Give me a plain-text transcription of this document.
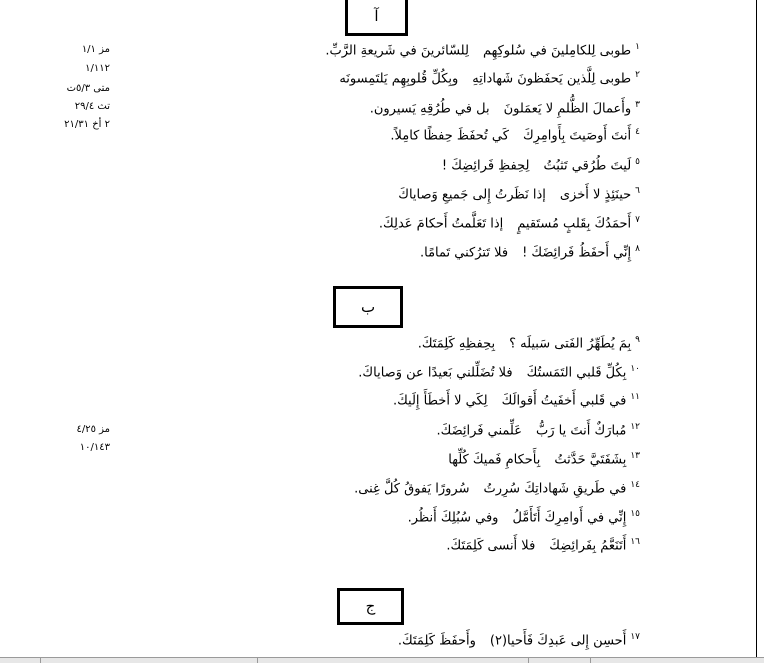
آ
١طوبى لِلكامِلينَ في سُلوكِهِملِلسّائرينَ في شَريعةِ الرَّبِّ.
٢طوبى لِلَّذين يَحفَظونَ شَهاداتِهِوبِكُلِّ قُلوبِهِم يَلتَمِسونَه
٣وأَعمالَ الظُّلمِ لا يَعمَلونَبل في طُرُقِهِ يَسيرون.
٤أَنتَ أَوصَيتَ بِأَوامِرِكَكَي تُحفَظَ حِفظًا كامِلاً.
٥لَيتَ طُرُقي تَثبُتُلِحِفظِ فَرائِضِكَ !
٦حينَئِذٍ لا أَخزىإذا نَظَرتُ إِلى جَميعِ وَصاياكَ
٧أَحمَدُكَ بِقَلبٍ مُستَقيمٍإذا تَعَلَّمتُ أَحكامَ عَدلِكَ.
٨إِنِّي أَحفَظُ فَرائِضَكَ !فلا تَترُكني تَمامًا.
مز ١/١
١/١١٢
متى ٥/٣ت
تث ٢٩/٤
٢ أخ ٢١/٣١
ب
٩بِمَ يُطَهِّرُ الفَتى سَبيلَه ؟بِحِفظِهِ كَلِمَتَكَ.
١٠بِكُلِّ قَلبي التَمَستُكَفلا تُضَلِّلني بَعيدًا عن وَصاياكَ.
١١في قَلبي أَخفَيتُ أَقوالَكَلِكَي لا أَخطَأَ إِلَيكَ.
١٢مُبارَكٌ أَنتَ يا رَبُّعَلِّمني فَرائِضَكَ.
١٣بِشَفَتَيَّ حَدَّثتُبِأَحكامِ فَميكَ كُلِّها
١٤في طَريقِ شَهاداتِكَ سُرِرتُسُرورًا يَفوقُ كُلَّ غِنى.
١٥إِنِّي في أَوامِرِكَ أَتَأَمَّلُوفي سُبُلِكَ أَنظُر.
١٦أَتَنَعَّمُ بِفَرائِضِكَفلا أَنسى كَلِمَتَكَ.
مز ٤/٢٥
١٠/١٤٣
ج
١٧أَحسِن إِلى عَبدِكَ فَأَحيا(٢)وأَحفَظَ كَلِمَتَكَ.
